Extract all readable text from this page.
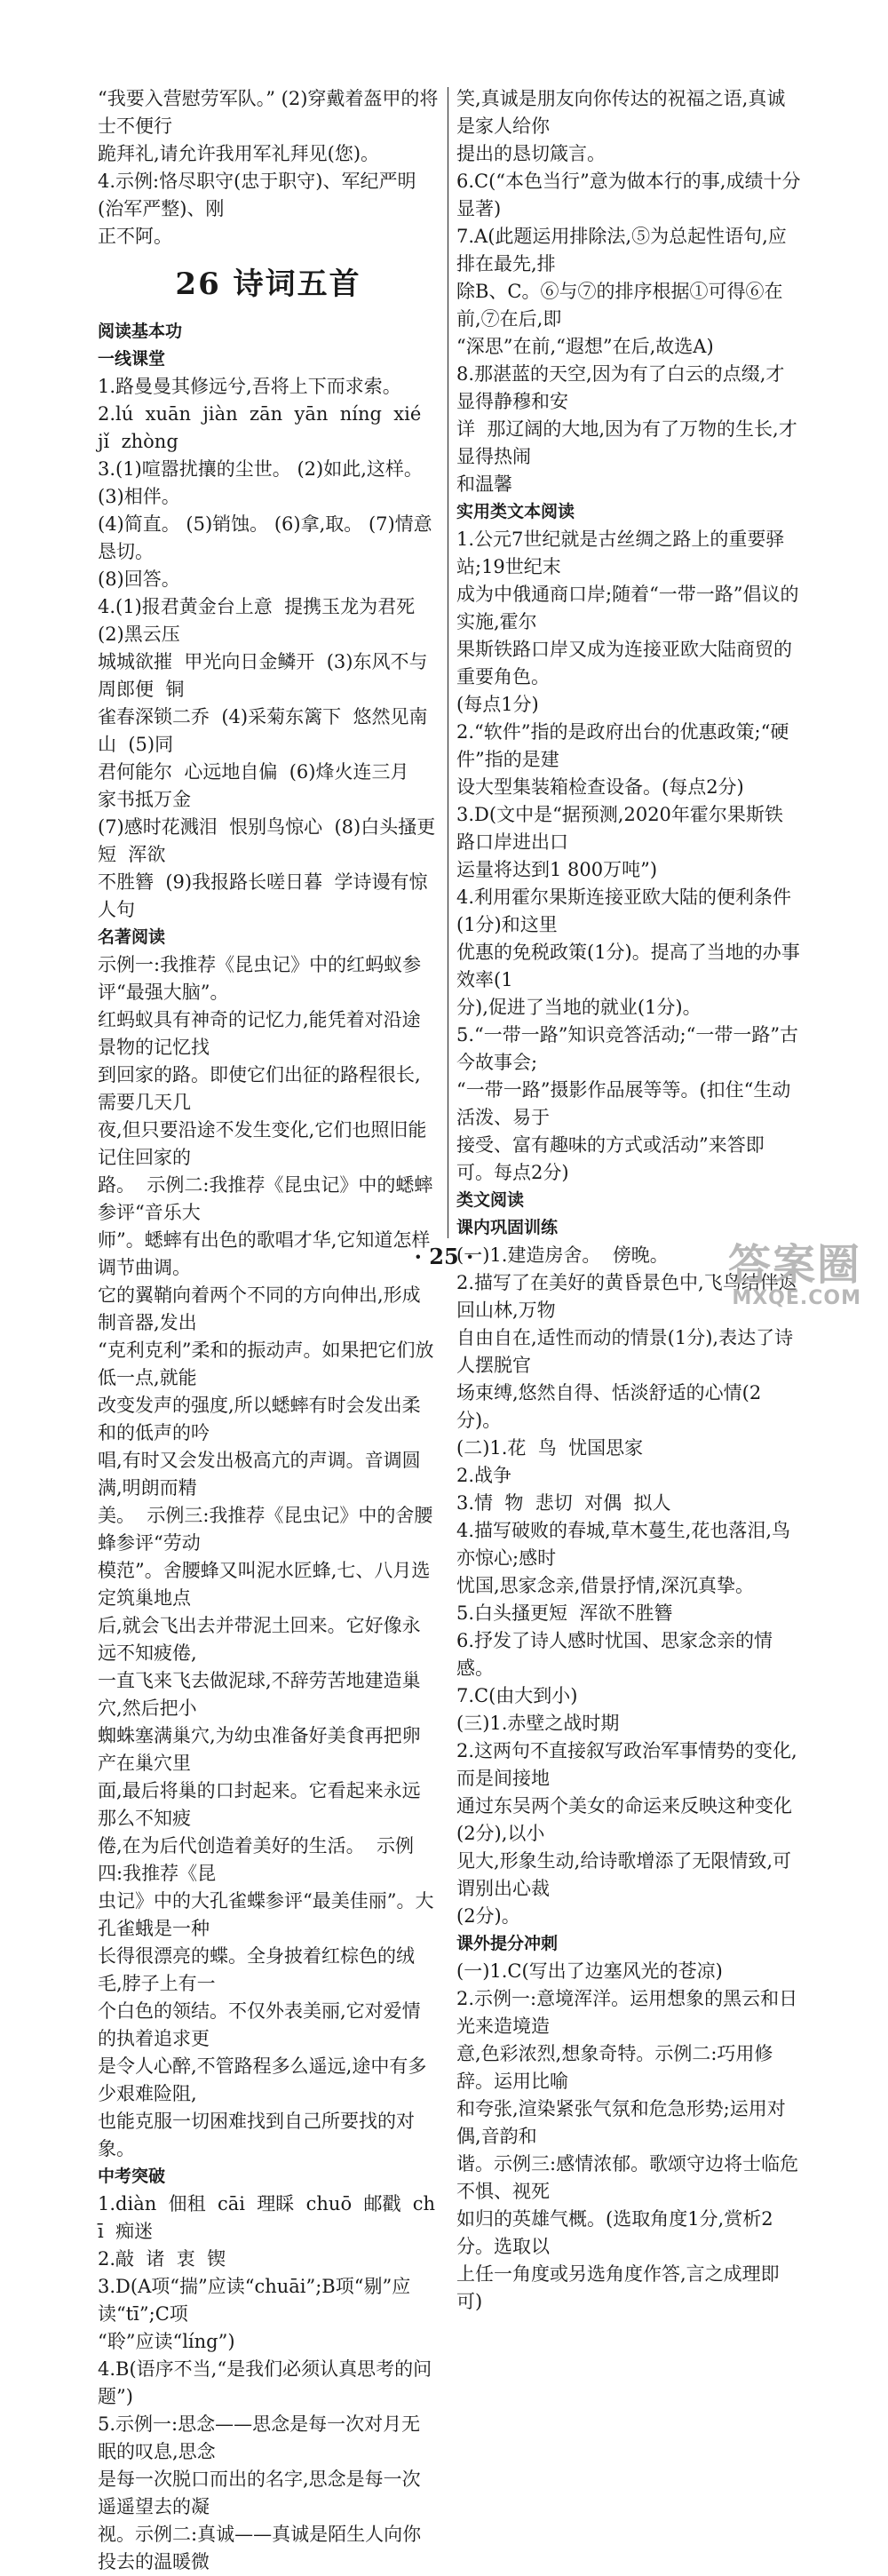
“我要入营慰劳军队。” (2)穿戴着盔甲的将士不便行

跪拜礼,请允许我用军礼拜见(您)。

4.示例:恪尽职守(忠于职守)、军纪严明(治军严整)、刚

正不阿。

26 诗词五首

阅读基本功

一线课堂

1.路曼曼其修远兮,吾将上下而求索。

2.lú  xuān  jiàn  zān  yān  níng  xié  jǐ  zhòng

3.(1)喧嚣扰攘的尘世。 (2)如此,这样。 (3)相伴。

(4)简直。 (5)销蚀。 (6)拿,取。 (7)情意恳切。

(8)回答。

4.(1)报君黄金台上意  提携玉龙为君死  (2)黑云压

城城欲摧  甲光向日金鳞开  (3)东风不与周郎便  铜

雀春深锁二乔  (4)采菊东篱下  悠然见南山  (5)同

君何能尔  心远地自偏  (6)烽火连三月  家书抵万金

(7)感时花溅泪  恨别鸟惊心  (8)白头搔更短  浑欲

不胜簪  (9)我报路长嗟日暮  学诗谩有惊人句

名著阅读

示例一:我推荐《昆虫记》中的红蚂蚁参评“最强大脑”。

红蚂蚁具有神奇的记忆力,能凭着对沿途景物的记忆找

到回家的路。即使它们出征的路程很长,需要几天几

夜,但只要沿途不发生变化,它们也照旧能记住回家的

路。  示例二:我推荐《昆虫记》中的蟋蟀参评“音乐大

师”。蟋蟀有出色的歌唱才华,它知道怎样调节曲调。

它的翼鞘向着两个不同的方向伸出,形成制音器,发出

“克利克利”柔和的振动声。如果把它们放低一点,就能

改变发声的强度,所以蟋蟀有时会发出柔和的低声的吟

唱,有时又会发出极高亢的声调。音调圆满,明朗而精

美。  示例三:我推荐《昆虫记》中的舍腰蜂参评“劳动

模范”。舍腰蜂又叫泥水匠蜂,七、八月选定筑巢地点

后,就会飞出去并带泥土回来。它好像永远不知疲倦,

一直飞来飞去做泥球,不辞劳苦地建造巢穴,然后把小

蜘蛛塞满巢穴,为幼虫准备好美食再把卵产在巢穴里

面,最后将巢的口封起来。它看起来永远那么不知疲

倦,在为后代创造着美好的生活。  示例四:我推荐《昆

虫记》中的大孔雀蝶参评“最美佳丽”。大孔雀蛾是一种

长得很漂亮的蝶。全身披着红棕色的绒毛,脖子上有一

个白色的领结。不仅外表美丽,它对爱情的执着追求更

是令人心醉,不管路程多么遥远,途中有多少艰难险阻,

也能克服一切困难找到自己所要找的对象。

中考突破

1.diàn  佃租  cāi  理睬  chuō  邮戳  chī  痴迷

2.敲  诸  衷  锲

3.D(A项“揣”应读“chuāi”;B项“剔”应读“tī”;C项

“聆”应读“líng”)

4.B(语序不当,“是我们必须认真思考的问题”)

5.示例一:思念——思念是每一次对月无眠的叹息,思念

是每一次脱口而出的名字,思念是每一次遥遥望去的凝

视。示例二:真诚——真诚是陌生人向你投去的温暖微

笑,真诚是朋友向你传达的祝福之语,真诚是家人给你

提出的恳切箴言。

6.C(“本色当行”意为做本行的事,成绩十分显著)

7.A(此题运用排除法,⑤为总起性语句,应排在最先,排

除B、C。⑥与⑦的排序根据①可得⑥在前,⑦在后,即

“深思”在前,“遐想”在后,故选A)

8.那湛蓝的天空,因为有了白云的点缀,才显得静穆和安

详  那辽阔的大地,因为有了万物的生长,才显得热闹

和温馨

实用类文本阅读

1.公元7世纪就是古丝绸之路上的重要驿站;19世纪末

成为中俄通商口岸;随着“一带一路”倡议的实施,霍尔

果斯铁路口岸又成为连接亚欧大陆商贸的重要角色。

(每点1分)

2.“软件”指的是政府出台的优惠政策;“硬件”指的是建

设大型集装箱检查设备。(每点2分)

3.D(文中是“据预测,2020年霍尔果斯铁路口岸进出口

运量将达到1 800万吨”)

4.利用霍尔果斯连接亚欧大陆的便利条件(1分)和这里

优惠的免税政策(1分)。提高了当地的办事效率(1

分),促进了当地的就业(1分)。

5.“一带一路”知识竞答活动;“一带一路”古今故事会;

“一带一路”摄影作品展等等。(扣住“生动活泼、易于

接受、富有趣味的方式或活动”来答即可。每点2分)

类文阅读

课内巩固训练

(一)1.建造房舍。  傍晚。

2.描写了在美好的黄昏景色中,飞鸟结伴返回山林,万物

自由自在,适性而动的情景(1分),表达了诗人摆脱官

场束缚,悠然自得、恬淡舒适的心情(2分)。

(二)1.花  鸟  忧国思家

2.战争

3.情  物  悲切  对偶  拟人

4.描写破败的春城,草木蔓生,花也落泪,鸟亦惊心;感时

忧国,思家念亲,借景抒情,深沉真挚。

5.白头搔更短  浑欲不胜簪

6.抒发了诗人感时忧国、思家念亲的情感。

7.C(由大到小)

(三)1.赤壁之战时期

2.这两句不直接叙写政治军事情势的变化,而是间接地

通过东吴两个美女的命运来反映这种变化(2分),以小

见大,形象生动,给诗歌增添了无限情致,可谓别出心裁

(2分)。

课外提分冲刺

(一)1.C(写出了边塞风光的苍凉)

2.示例一:意境浑洋。运用想象的黑云和日光来造境造

意,色彩浓烈,想象奇特。示例二:巧用修辞。运用比喻

和夸张,渲染紧张气氛和危急形势;运用对偶,音韵和

谐。示例三:感情浓郁。歌颂守边将士临危不惧、视死

如归的英雄气概。(选取角度1分,赏析2分。选取以

上任一角度或另选角度作答,言之成理即可)

· 25 ·	答案圈
MXQE.COM
